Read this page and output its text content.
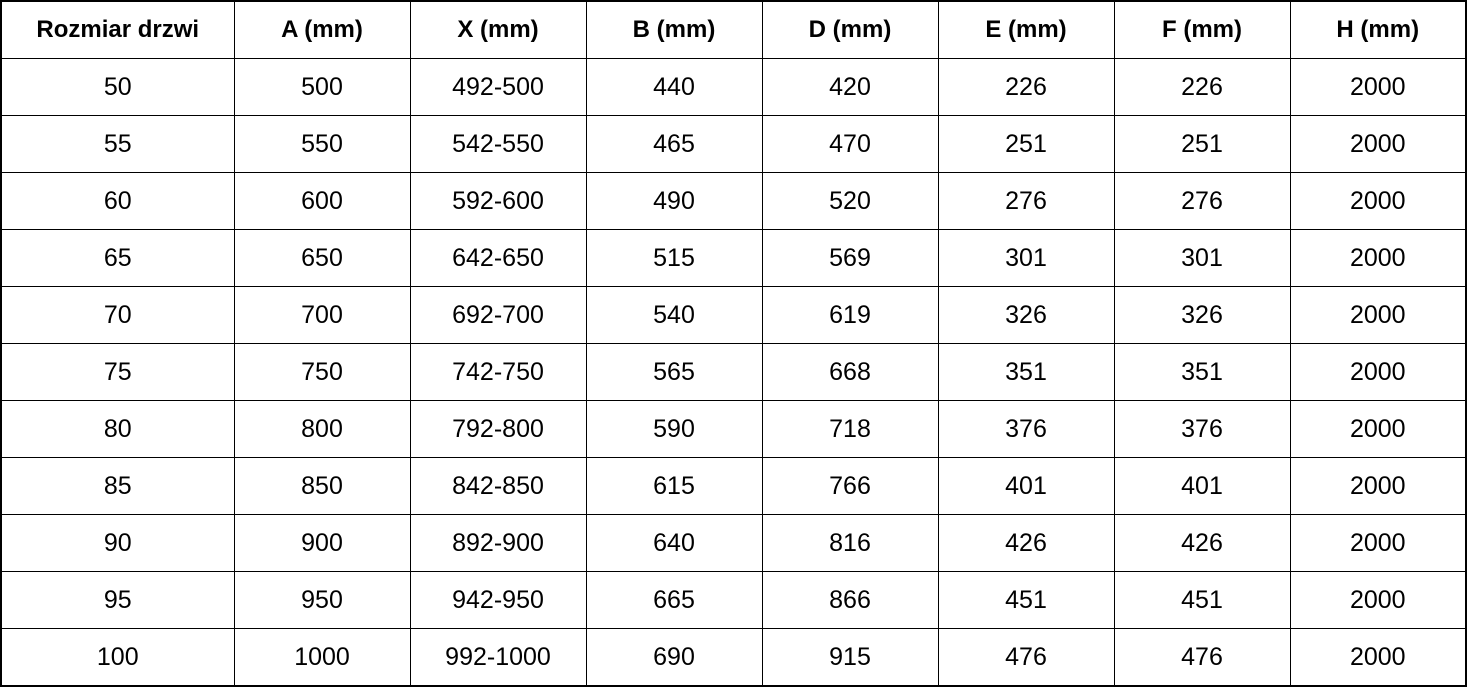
Rozmiar drzwi	A (mm)	X (mm)	B (mm)	D (mm)	E (mm)	F (mm)	H (mm)
50	500	492-500	440	420	226	226	2000
55	550	542-550	465	470	251	251	2000
60	600	592-600	490	520	276	276	2000
65	650	642-650	515	569	301	301	2000
70	700	692-700	540	619	326	326	2000
75	750	742-750	565	668	351	351	2000
80	800	792-800	590	718	376	376	2000
85	850	842-850	615	766	401	401	2000
90	900	892-900	640	816	426	426	2000
95	950	942-950	665	866	451	451	2000
100	1000	992-1000	690	915	476	476	2000
